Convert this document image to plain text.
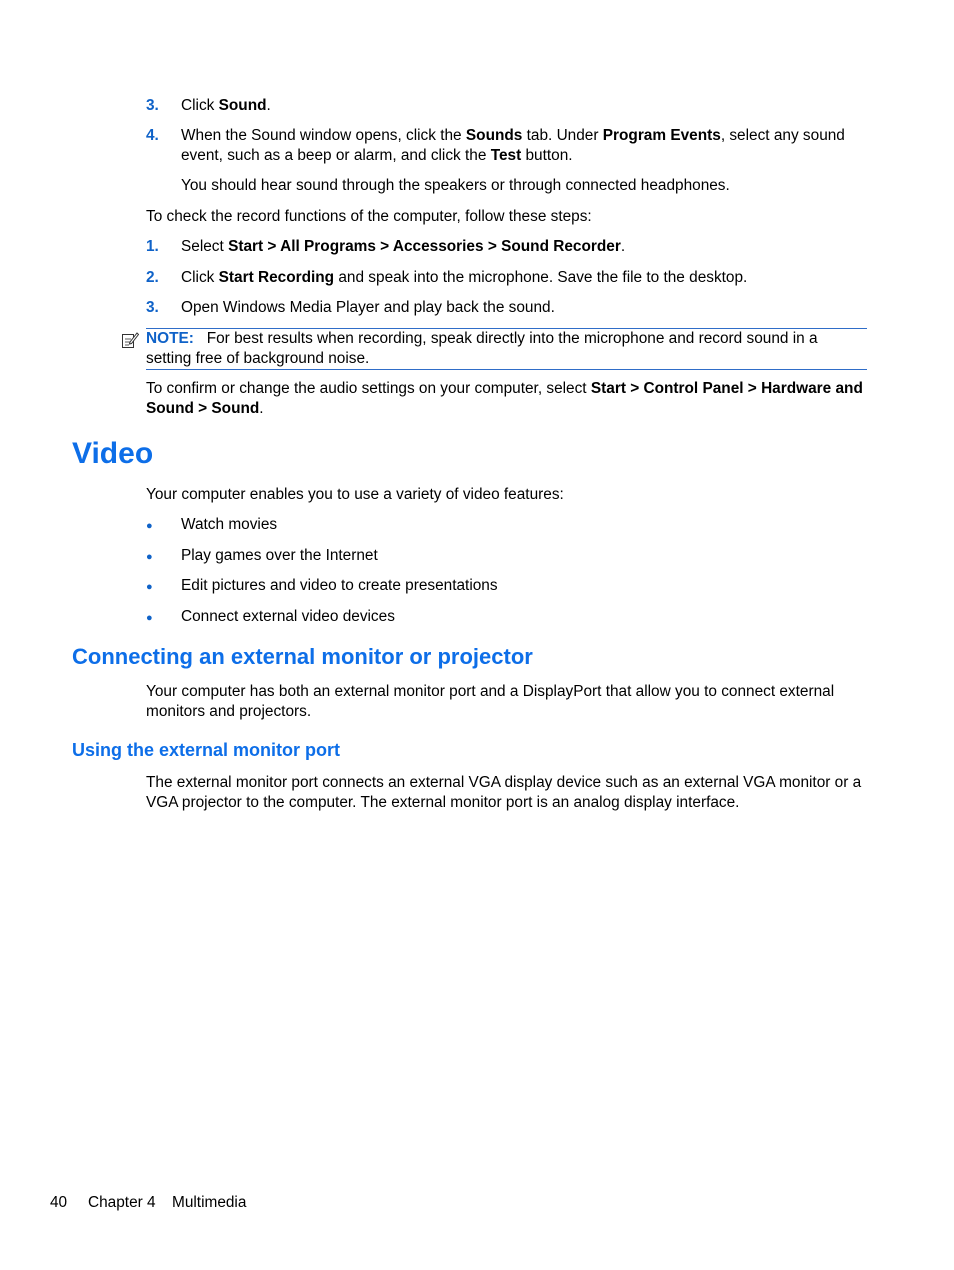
3. Click Sound.
4. When the Sound window opens, click the Sounds tab. Under Program Events, select any sound event, such as a beep or alarm, and click the Test button.
You should hear sound through the speakers or through connected headphones.
To check the record functions of the computer, follow these steps:
1. Select Start > All Programs > Accessories > Sound Recorder.
2. Click Start Recording and speak into the microphone. Save the file to the desktop.
3. Open Windows Media Player and play back the sound.
NOTE: For best results when recording, speak directly into the microphone and record sound in a setting free of background noise.
To confirm or change the audio settings on your computer, select Start > Control Panel > Hardware and Sound > Sound.
Video
Your computer enables you to use a variety of video features:
● Watch movies
● Play games over the Internet
● Edit pictures and video to create presentations
● Connect external video devices
Connecting an external monitor or projector
Your computer has both an external monitor port and a DisplayPort that allow you to connect external monitors and projectors.
Using the external monitor port
The external monitor port connects an external VGA display device such as an external VGA monitor or a VGA projector to the computer. The external monitor port is an analog display interface.
40 Chapter 4 Multimedia
